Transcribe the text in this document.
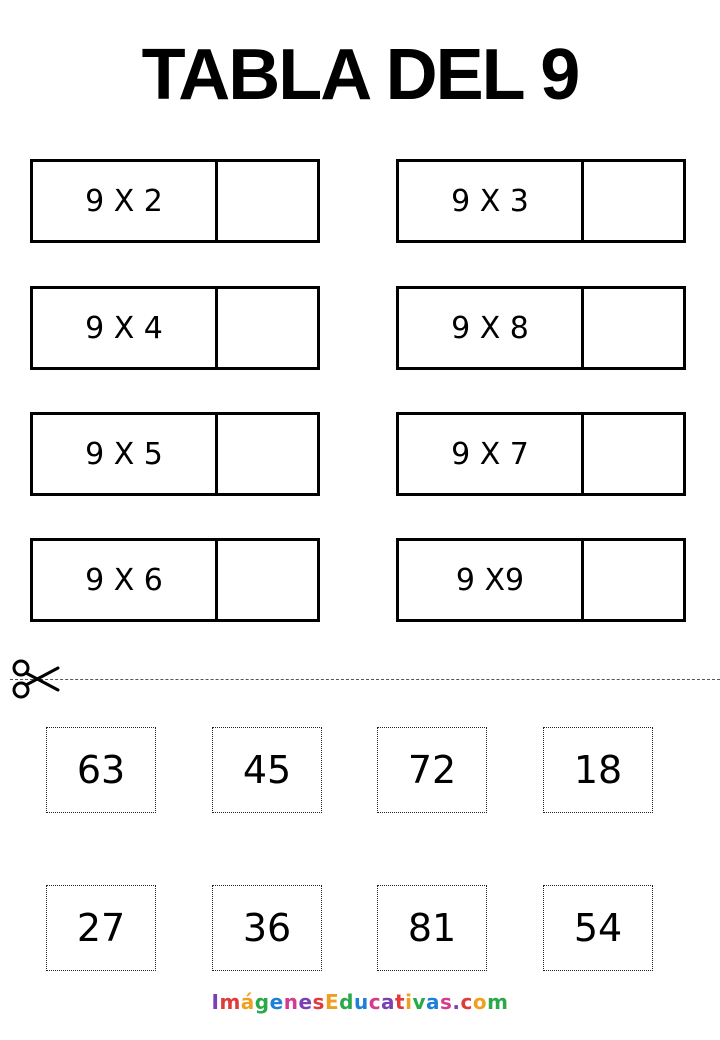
TABLA DEL 9
9 X 2	9 X 3
9 X 4	9 X 8
9 X 5	9 X 7
9 X 6	9 X9
63	45	72	18
27	36	81	54
ImágenesEducativas.com
